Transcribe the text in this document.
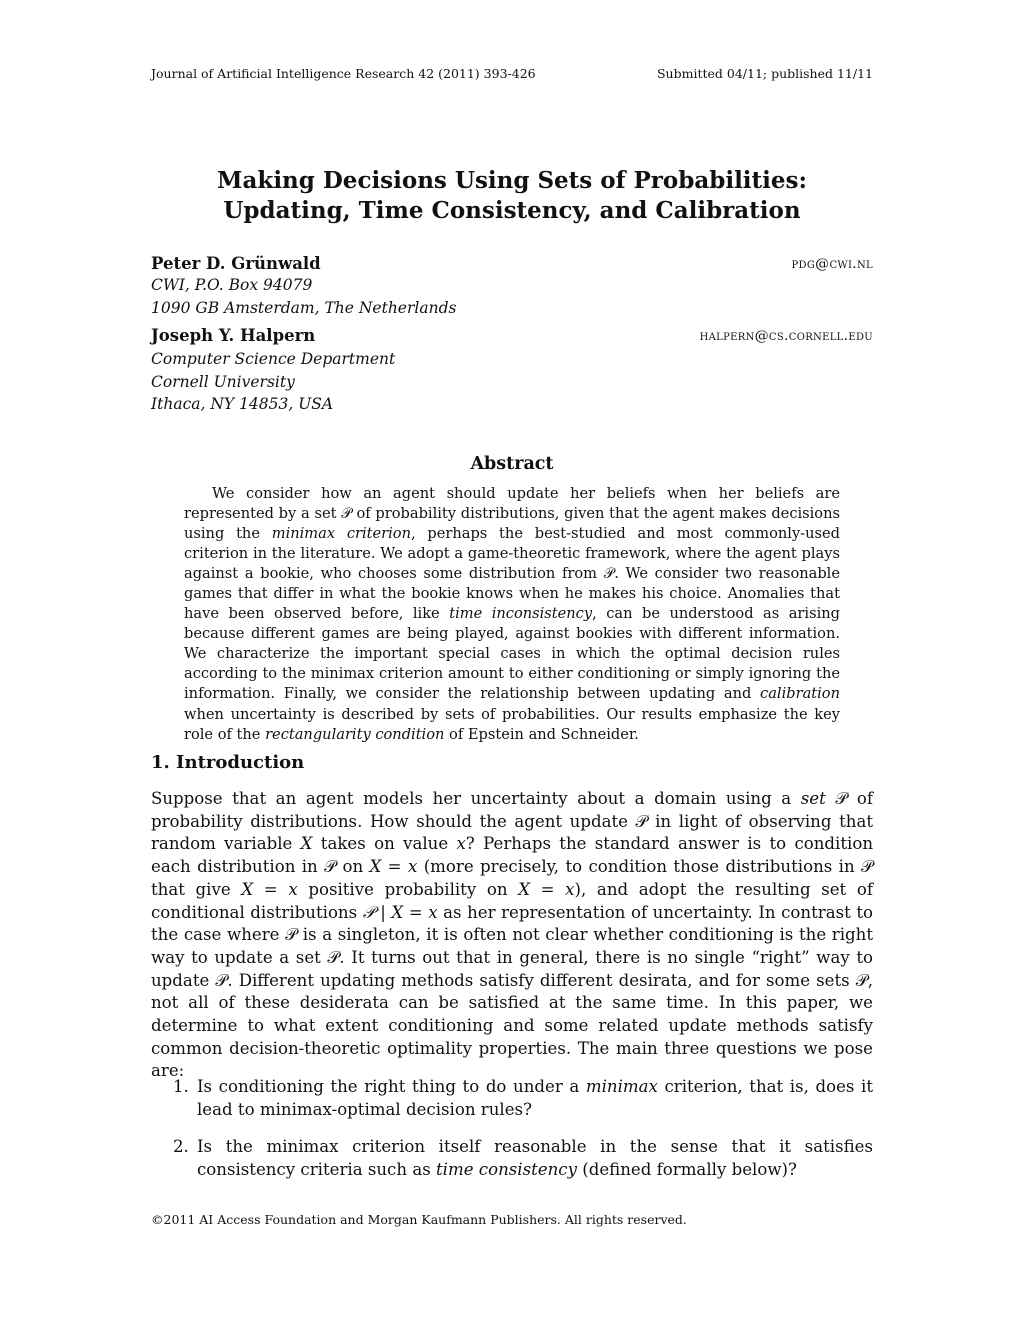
Journal of Artificial Intelligence Research 42 (2011) 393-426	Submitted 04/11; published 11/11
Making Decisions Using Sets of Probabilities:
Updating, Time Consistency, and Calibration
Peter D. Grünwald	pdg@cwi.nl
CWI, P.O. Box 94079
1090 GB Amsterdam, The Netherlands
Joseph Y. Halpern	halpern@cs.cornell.edu
Computer Science Department
Cornell University
Ithaca, NY 14853, USA
Abstract
We consider how an agent should update her beliefs when her beliefs are represented by a set 𝒫 of probability distributions, given that the agent makes decisions using the minimax criterion, perhaps the best-studied and most commonly-used criterion in the literature. We adopt a game-theoretic framework, where the agent plays against a bookie, who chooses some distribution from 𝒫. We consider two reasonable games that differ in what the bookie knows when he makes his choice. Anomalies that have been observed before, like time inconsistency, can be understood as arising because different games are being played, against bookies with different information. We characterize the important special cases in which the optimal decision rules according to the minimax criterion amount to either conditioning or simply ignoring the information. Finally, we consider the relationship between updating and calibration when uncertainty is described by sets of probabilities. Our results emphasize the key role of the rectangularity condition of Epstein and Schneider.
1. Introduction
Suppose that an agent models her uncertainty about a domain using a set 𝒫 of probability distributions. How should the agent update 𝒫 in light of observing that random variable X takes on value x? Perhaps the standard answer is to condition each distribution in 𝒫 on X = x (more precisely, to condition those distributions in 𝒫 that give X = x positive probability on X = x), and adopt the resulting set of conditional distributions 𝒫 | X = x as her representation of uncertainty. In contrast to the case where 𝒫 is a singleton, it is often not clear whether conditioning is the right way to update a set 𝒫. It turns out that in general, there is no single “right” way to update 𝒫. Different updating methods satisfy different desirata, and for some sets 𝒫, not all of these desiderata can be satisfied at the same time. In this paper, we determine to what extent conditioning and some related update methods satisfy common decision-theoretic optimality properties. The main three questions we pose are:
1. Is conditioning the right thing to do under a minimax criterion, that is, does it lead to minimax-optimal decision rules?
2. Is the minimax criterion itself reasonable in the sense that it satisfies consistency criteria such as time consistency (defined formally below)?
©2011 AI Access Foundation and Morgan Kaufmann Publishers. All rights reserved.
